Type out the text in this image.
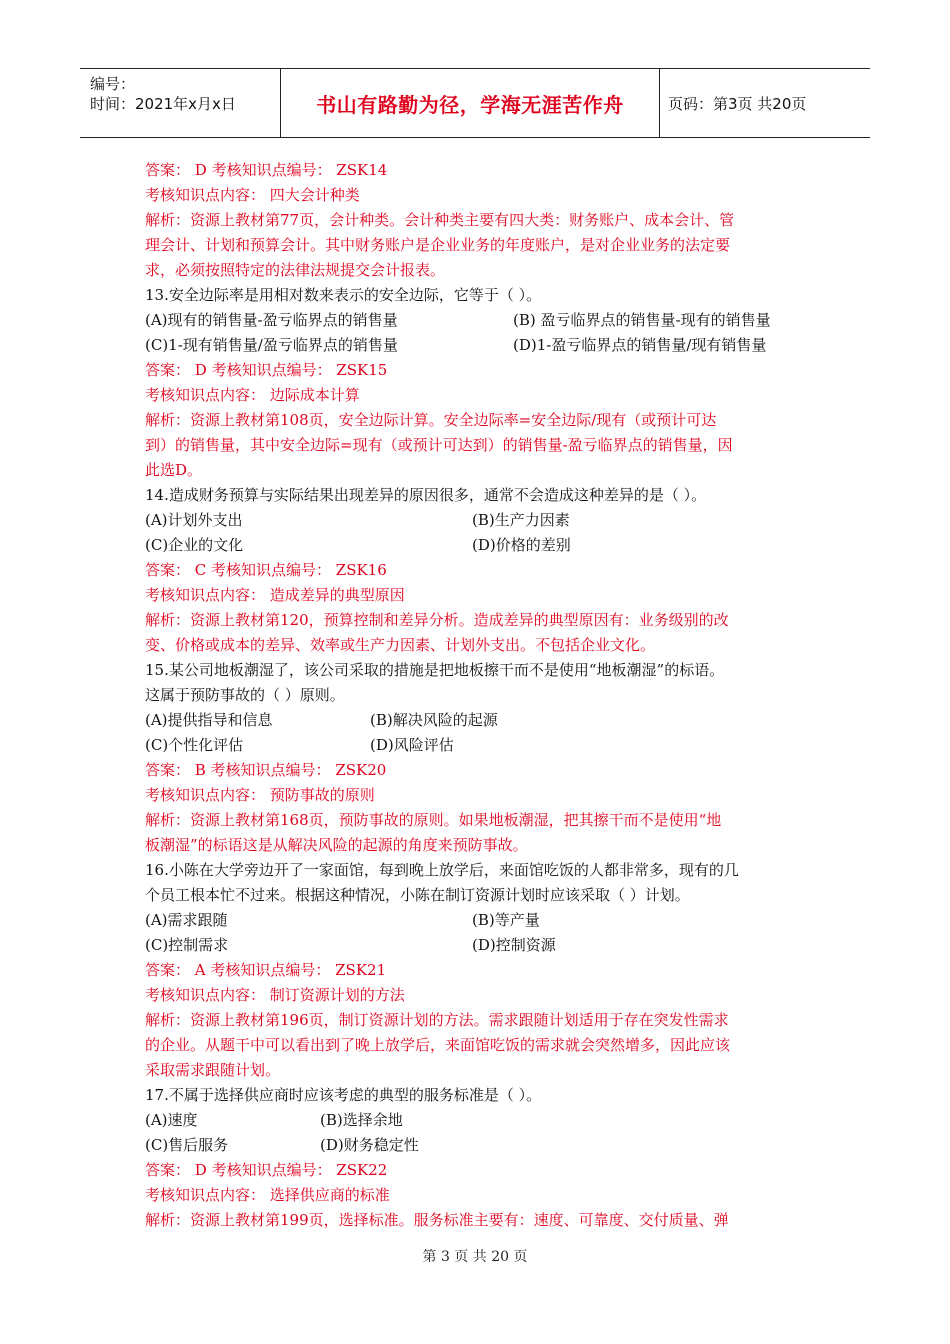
编号：
时间：2021年x月x日	书山有路勤为径，学海无涯苦作舟	页码：第3页 共20页
答案： D 考核知识点编号： ZSK14
考核知识点内容： 四大会计种类
解析：资源上教材第77页，会计种类。会计种类主要有四大类：财务账户、成本会计、管
理会计、计划和预算会计。其中财务账户是企业业务的年度账户，是对企业业务的法定要
求，必须按照特定的法律法规提交会计报表。
13.安全边际率是用相对数来表示的安全边际，它等于（ ）。
(A)现有的销售量-盈亏临界点的销售量	(B) 盈亏临界点的销售量-现有的销售量
(C)1-现有销售量/盈亏临界点的销售量	(D)1-盈亏临界点的销售量/现有销售量
答案： D 考核知识点编号： ZSK15
考核知识点内容： 边际成本计算
解析：资源上教材第108页，安全边际计算。安全边际率=安全边际/现有（或预计可达
到）的销售量，其中安全边际=现有（或预计可达到）的销售量-盈亏临界点的销售量，因
此选D。
14.造成财务预算与实际结果出现差异的原因很多，通常不会造成这种差异的是（ ）。
(A)计划外支出	(B)生产力因素
(C)企业的文化	(D)价格的差别
答案： C 考核知识点编号： ZSK16
考核知识点内容： 造成差异的典型原因
解析：资源上教材第120，预算控制和差异分析。造成差异的典型原因有：业务级别的改
变、价格或成本的差异、效率或生产力因素、计划外支出。不包括企业文化。
15.某公司地板潮湿了，该公司采取的措施是把地板擦干而不是使用“地板潮湿”的标语。
这属于预防事故的（ ）原则。
(A)提供指导和信息	(B)解决风险的起源
(C)个性化评估	(D)风险评估
答案： B 考核知识点编号： ZSK20
考核知识点内容： 预防事故的原则
解析：资源上教材第168页，预防事故的原则。如果地板潮湿，把其擦干而不是使用“地
板潮湿”的标语这是从解决风险的起源的角度来预防事故。
16.小陈在大学旁边开了一家面馆，每到晚上放学后，来面馆吃饭的人都非常多，现有的几
个员工根本忙不过来。根据这种情况，小陈在制订资源计划时应该采取（ ）计划。
(A)需求跟随	(B)等产量
(C)控制需求	(D)控制资源
答案： A 考核知识点编号： ZSK21
考核知识点内容： 制订资源计划的方法
解析：资源上教材第196页，制订资源计划的方法。需求跟随计划适用于存在突发性需求
的企业。从题干中可以看出到了晚上放学后，来面馆吃饭的需求就会突然增多，因此应该
采取需求跟随计划。
17.不属于选择供应商时应该考虑的典型的服务标准是（ ）。
(A)速度	(B)选择余地
(C)售后服务	(D)财务稳定性
答案： D 考核知识点编号： ZSK22
考核知识点内容： 选择供应商的标准
解析：资源上教材第199页，选择标准。服务标准主要有：速度、可靠度、交付质量、弹
第 3 页 共 20 页
